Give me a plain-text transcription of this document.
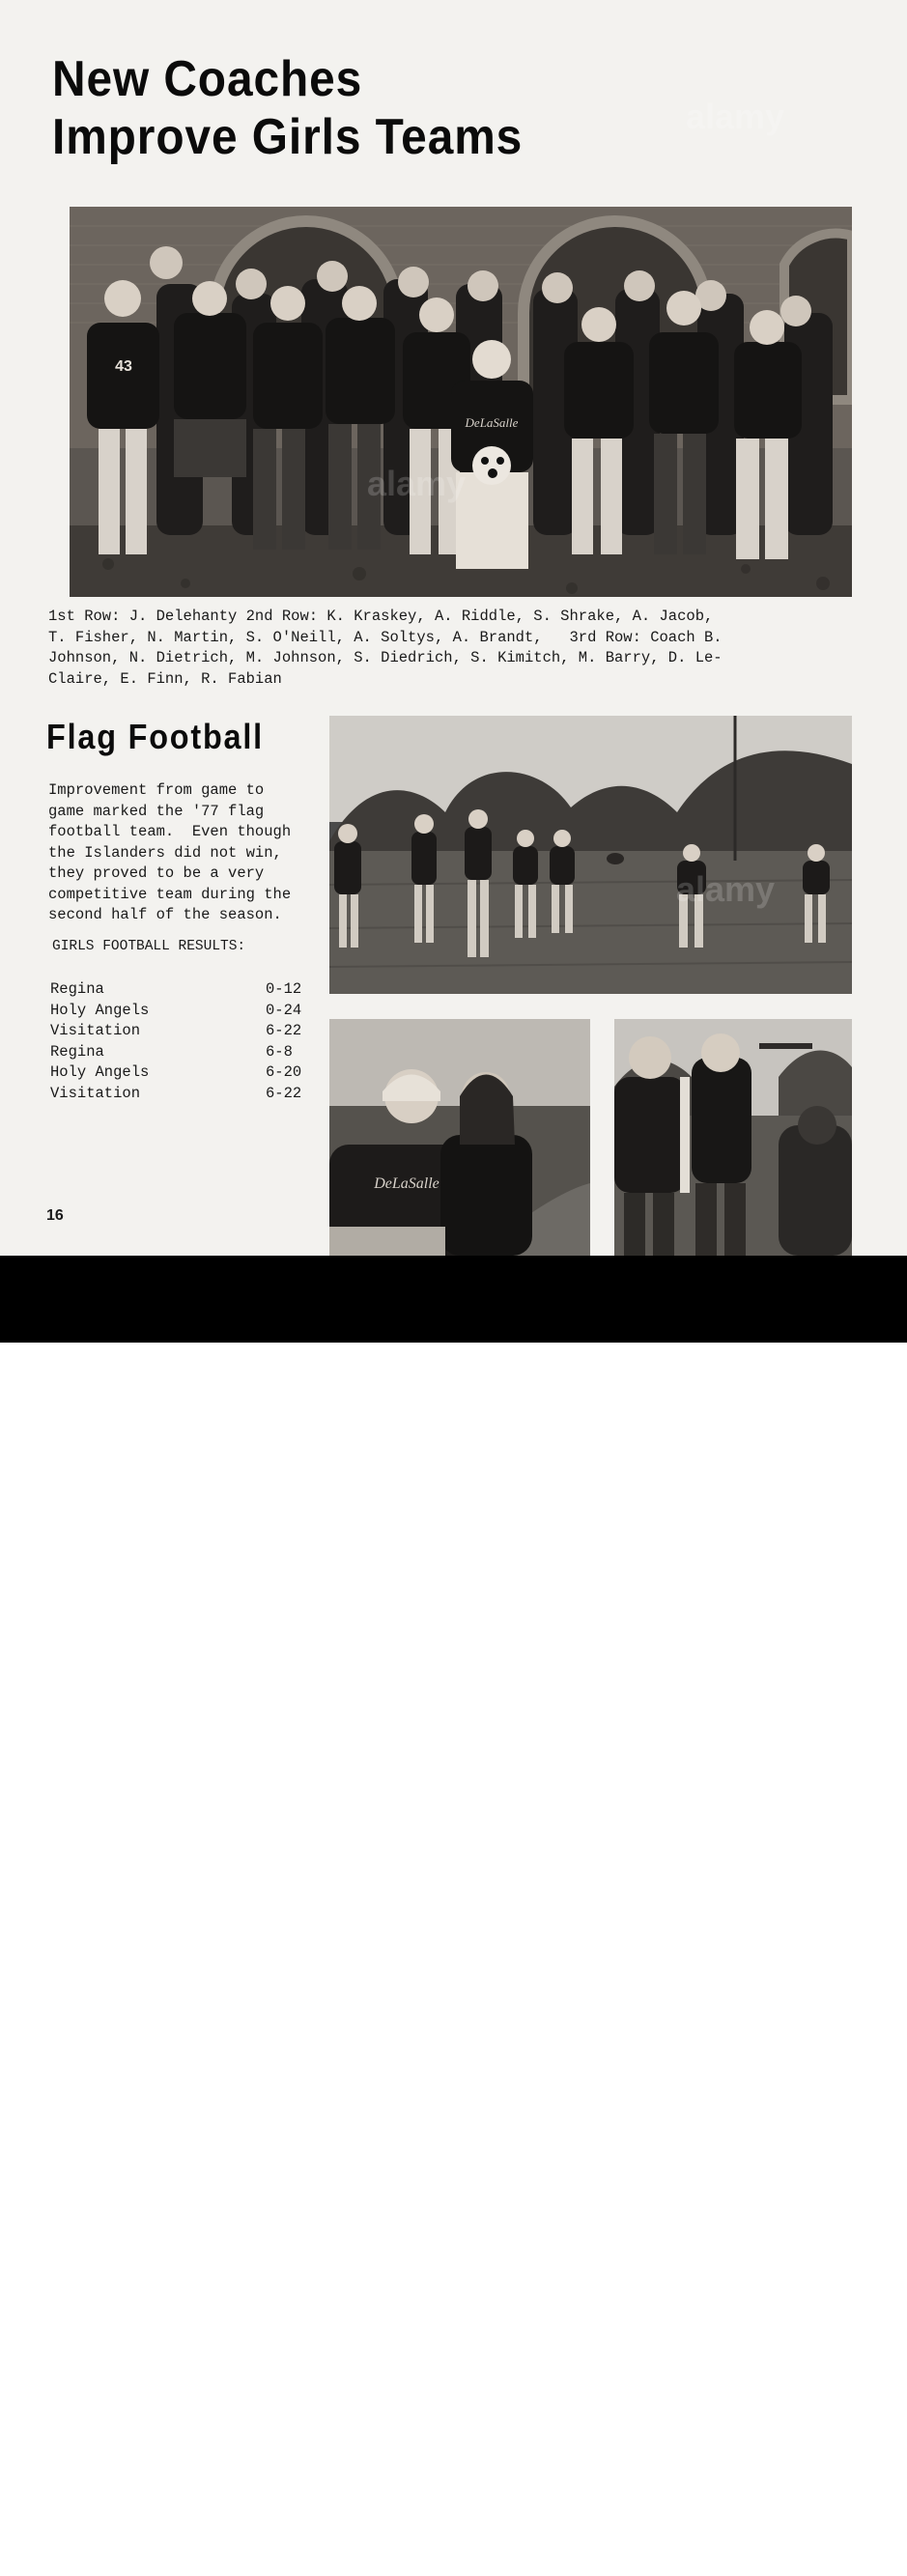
New Coaches
Improve Girls Teams
DeLaSalle
43

1st Row: J. Delehanty 2nd Row: K. Kraskey, A. Riddle, S. Shrake, A. Jacob,
T. Fisher, N. Martin, S. O'Neill, A. Soltys, A. Brandt,   3rd Row: Coach B.
Johnson, N. Dietrich, M. Johnson, S. Diedrich, S. Kimitch, M. Barry, D. Le-
Claire, E. Finn, R. Fabian

Flag Football

Improvement from game to
game marked the '77 flag
football team.  Even though
the Islanders did not win,
they proved to be a very
competitive team during the
second half of the season.

GIRLS FOOTBALL RESULTS:

Regina	0-12
Holy Angels	0-24
Visitation	6-22
Regina	6-8
Holy Angels	6-20
Visitation	6-22
DeLaSalle

16

alamy
alamy	Image ID: 3AR4H6D
www.alamy.com
